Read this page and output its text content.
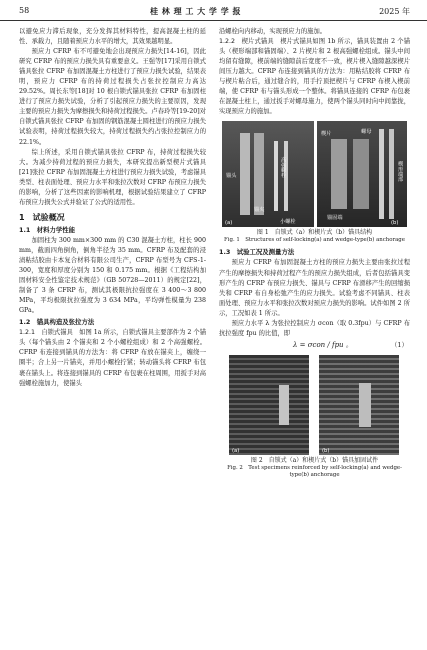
58	桂 林 理 工 大 学 学 报	2025 年

以避免应力滞后现象，充分发挥其材料特性，提高混凝土柱的延性、承载力，且随着预应力水平的增大，其效果越明显。

预应力 CFRP 布不可避免地会出现预应力损失[14-16]，因此研究 CFRP 布的预应力损失具有重要意义。王强等[17]采用自锁式锚具张拉 CFRP 布加固混凝土方柱进行了预应力损失试验，结果表明，预应力 CFRP 布的持荷过程损失占张拉控制应力高达 29.52%。周长东等[18]对 10 根自锁式锚具张拉 CFRP 布加固柱进行了预应力损失试验，分析了引起预应力损失的主要原因，发现主要的预应力损失为摩擦损失和持荷过程损失。卢春玲等[19-20]对自锁式锚具张拉 CFRP 布加固的钢筋混凝土圆柱进行的预应力损失试验表明，持荷过程损失较大，持荷过程损失约占张拉控制应力的 22.1%。

综上所述，采用自锁式锚具张拉 CFRP 布，持荷过程损失较大。为减少持荷过程的预应力损失，本研究提出新型楔片式锚具[21]张拉 CFRP 布加固混凝土方柱进行预应力损失试验，考虑锚具类型、柱表面处理、预应力水平和张拉次数对 CFRP 布预应力损失的影响，分析了这些因素的影响机理，根据试验结果建立了 CFRP 布预应力损失公式并验证了公式的适用性。

1　试验概况
1.1　材料力学性能

加固柱为 300 mm×300 mm 的 C30 混凝土方柱，柱长 900 mm，截面四角倒角，倒角半径为 35 mm。CFRP 布及配套的浸渍粘结胶由卡本复合材料有限公司生产，CFRP 布型号为 CFS-1-300，宽度和厚度分别为 150 和 0.175 mm。根据《工程结构加固材料安全性鉴定技术规范》（GB 50728—2011）的规定[22]，制备了 3 条 CFRP 布，测试其极限抗拉强度在 3 400～3 800 MPa，平均极限抗拉强度为 3 634 MPa，平均弹性模量为 238 GPa。

1.2　锚具构造及张拉方法

1.2.1　自锁式锚具　 如图 1a 所示，自锁式锚具主要部件为 2 个锚头（每个锚头由 2 个锚夹和 2 个小螺栓组成）和 2 个高强螺栓。CFRP 布连接到锚具的方法为：将 CFRP 布放在锚夹上，缠绕一圈半；合上另一片锚夹，并用小螺栓拧紧；转动锚头将 CFRP 布包裹在锚头上。将连接到锚具的 CFRP 布包裹在柱周围，用扳手对高强螺栓施加力，使锚头

沿螺栓向内移动，实现预应力的施加。

1.2.2　楔片式锚具　 楔片式锚具如图 1b 所示，锚具装置由 2 个锚头（楔形端部和锚固端）、2 片楔片和 2 根高强螺栓组成。锚头中间均留有缝隙，楔前端的缝隙前后宽度不一致，楔片楔入缝隙越深楔片间压力越大。CFRP 布连接到锚具的方法为：用粘结胶将 CFRP 布与楔片粘合后，通过缝合的，用手拧顶把楔片与 CFRP 布楔入楔前端，使 CFRP 布与锚头形成一个整体。将锚具连接的 CFRP 布包裹在混凝土柱上，通过扳手对螺母施力，使两个锚头同时向中间靠拢，实现预应力的施加。

锚头	高强螺栓
锚夹
小螺栓
(a)
螺母
楔片
锚固端
楔形端部
(b)
图 1　自锁式（a）和楔片式（b）锚具结构
Fig. 1　Structures of self-locking(a) and wedge-type(b) anchorage
1.3　试验工况及测量方法

预应力 CFRP 布加固混凝土方柱的预应力损失主要由张拉过程产生的摩擦损失和持荷过程产生的预应力损失组成，后者包括锚具变形产生的 CFRP 布预应力损失、锚具与 CFRP 布滑移产生的回缩损失和 CFRP 布自身松弛产生的应力损失。试验考虑不同锚具、柱表面处理、预应力水平和张拉次数对预应力损失的影响。试件如图 2 所示，工况如表 1 所示。

预应力水平 λ 为张拉控制应力 σcon（取 0.3fpu）与 CFRP 布抗拉强度 fpu 的比值，即

λ = σcon / fpu 。	（1）
(a)	(b)
图 2　自锁式（a）和楔片式（b）锚具加固试件
Fig. 2　Test specimens reinforced by self-locking(a) and wedge-type(b) anchorage
